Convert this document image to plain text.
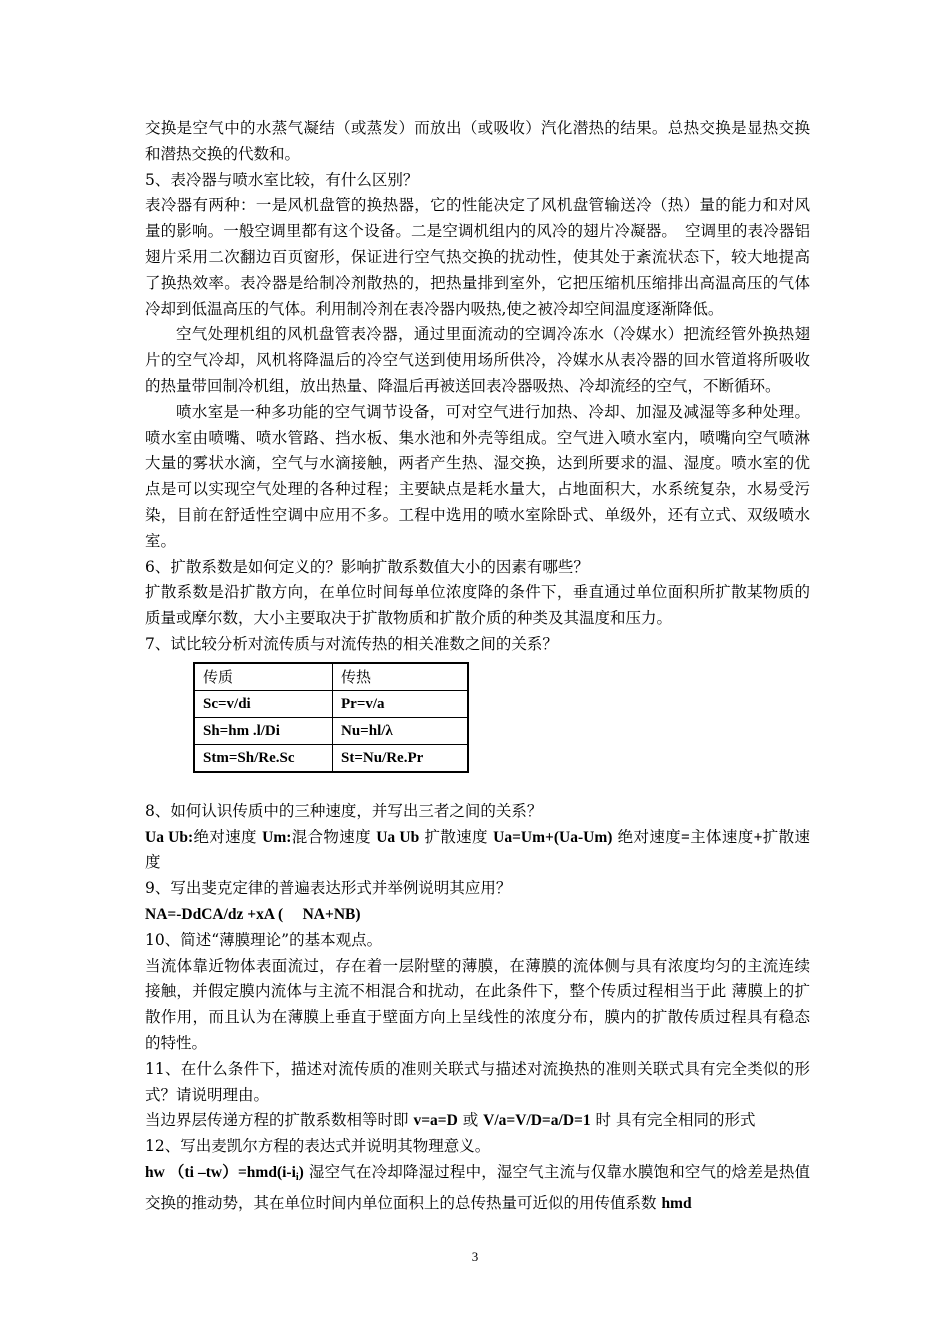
交换是空气中的水蒸气凝结（或蒸发）而放出（或吸收）汽化潜热的结果。总热交换是显热交换和潜热交换的代数和。

5、表冷器与喷水室比较，有什么区别？

表冷器有两种：一是风机盘管的换热器，它的性能决定了风机盘管输送冷（热）量的能力和对风量的影响。一般空调里都有这个设备。二是空调机组内的风冷的翅片冷凝器。　空调里的表冷器铝翅片采用二次翻边百页窗形，保证进行空气热交换的扰动性，使其处于紊流状态下，较大地提高了换热效率。表冷器是给制冷剂散热的，把热量排到室外，它把压缩机压缩排出高温高压的气体冷却到低温高压的气体。利用制冷剂在表冷器内吸热,使之被冷却空间温度逐渐降低。

空气处理机组的风机盘管表冷器，通过里面流动的空调冷冻水（冷媒水）把流经管外换热翅片的空气冷却，风机将降温后的冷空气送到使用场所供冷，冷媒水从表冷器的回水管道将所吸收的热量带回制冷机组，放出热量、降温后再被送回表冷器吸热、冷却流经的空气，不断循环。

喷水室是一种多功能的空气调节设备，可对空气进行加热、冷却、加湿及减湿等多种处理。喷水室由喷嘴、喷水管路、挡水板、集水池和外壳等组成。空气进入喷水室内，喷嘴向空气喷淋大量的雾状水滴，空气与水滴接触，两者产生热、湿交换，达到所要求的温、湿度。喷水室的优点是可以实现空气处理的各种过程；主要缺点是耗水量大，占地面积大，水系统复杂，水易受污染，目前在舒适性空调中应用不多。工程中选用的喷水室除卧式、单级外，还有立式、双级喷水室。

6、扩散系数是如何定义的？影响扩散系数值大小的因素有哪些？

扩散系数是沿扩散方向，在单位时间每单位浓度降的条件下，垂直通过单位面积所扩散某物质的质量或摩尔数，大小主要取决于扩散物质和扩散介质的种类及其温度和压力。

7、试比较分析对流传质与对流传热的相关准数之间的关系？

传质	传热
Sc=v/di	Pr=v/a
Sh=hm .l/Di	Nu=hl/λ
Stm=Sh/Re.Sc	St=Nu/Re.Pr

8、如何认识传质中的三种速度，并写出三者之间的关系？

Ua Ub:绝对速度 Um:混合物速度 Ua Ub 扩散速度 Ua=Um+(Ua-Um) 绝对速度=主体速度+扩散速度

9、写出斐克定律的普遍表达形式并举例说明其应用？

NA=-DdCA/dz +xA (     NA+NB)

10、简述“薄膜理论”的基本观点。

当流体靠近物体表面流过，存在着一层附壁的薄膜，在薄膜的流体侧与具有浓度均匀的主流连续接触，并假定膜内流体与主流不相混合和扰动，在此条件下，整个传质过程相当于此 薄膜上的扩散作用，而且认为在薄膜上垂直于壁面方向上呈线性的浓度分布，膜内的扩散传质过程具有稳态的特性。

11、在什么条件下，描述对流传质的准则关联式与描述对流换热的准则关联式具有完全类似的形式？请说明理由。

当边界层传递方程的扩散系数相等时即 v=a=D 或 V/a=V/D=a/D=1 时 具有完全相同的形式

12、写出麦凯尔方程的表达式并说明其物理意义。

hw （ti $-tw)=hmd(i-i_i)$ 湿空气在冷却降湿过程中，湿空气主流与仅靠水膜饱和空气的焓差是热值交换的推动势，其在单位时间内单位面积上的总传热量可近似的用传值系数 hmd

3
